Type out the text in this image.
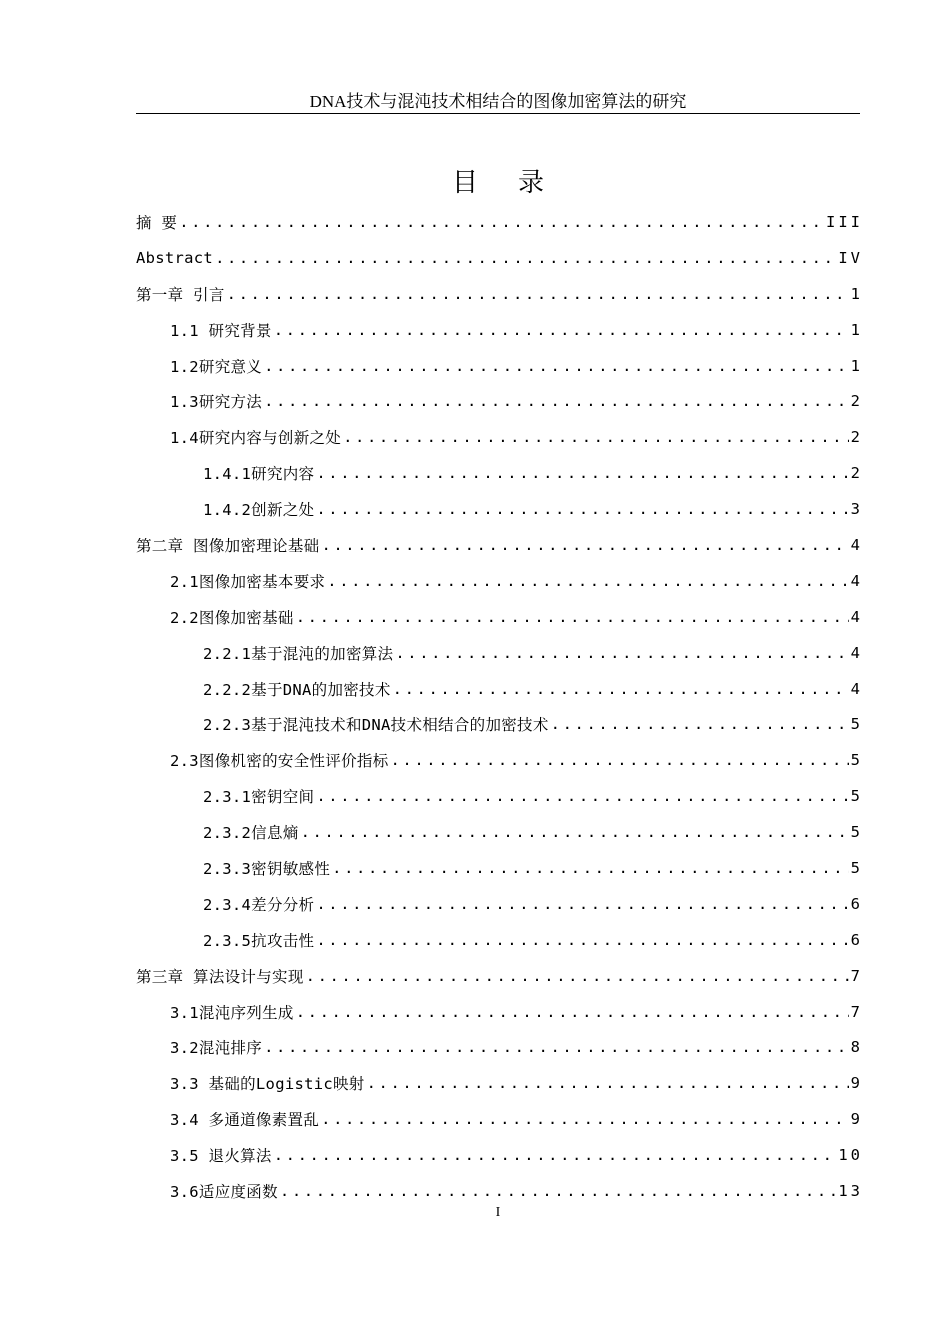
DNA技术与混沌技术相结合的图像加密算法的研究
目录
摘 要 .....	III
Abstract .....	IV
第一章 引言 .....	1
1.1 研究背景 .....	1
1.2研究意义 .....	1
1.3研究方法 .....	2
1.4研究内容与创新之处 .....	2
1.4.1研究内容 .....	2
1.4.2创新之处 .....	3
第二章 图像加密理论基础 .....	4
2.1图像加密基本要求 .....	4
2.2图像加密基础 .....	4
2.2.1基于混沌的加密算法 .....	4
2.2.2基于DNA的加密技术 .....	4
2.2.3基于混沌技术和DNA技术相结合的加密技术 .....	5
2.3图像机密的安全性评价指标 .....	5
2.3.1密钥空间 .....	5
2.3.2信息熵 .....	5
2.3.3密钥敏感性 .....	5
2.3.4差分分析 .....	6
2.3.5抗攻击性 .....	6
第三章 算法设计与实现 .....	7
3.1混沌序列生成 .....	7
3.2混沌排序 .....	8
3.3 基础的Logistic映射 .....	9
3.4 多通道像素置乱 .....	9
3.5 退火算法 .....	10
3.6适应度函数 .....	13
I
